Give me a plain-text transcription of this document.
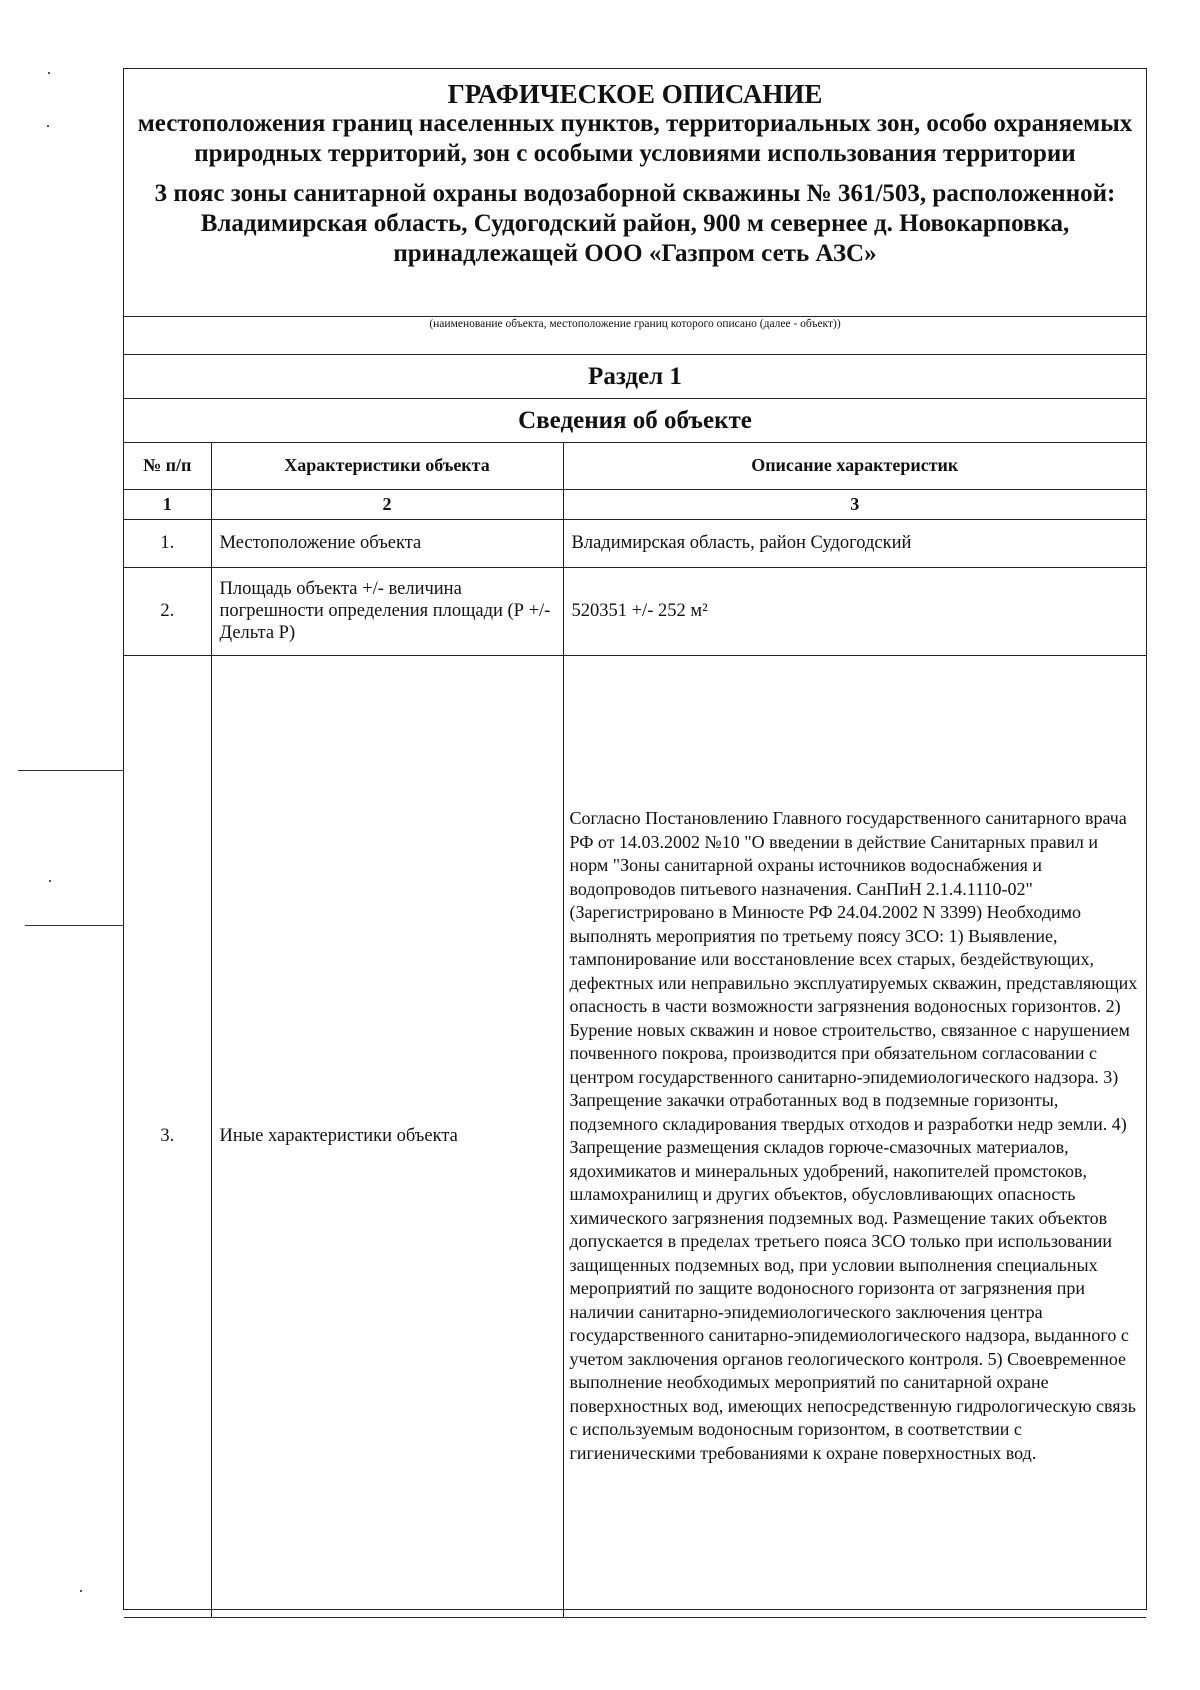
ГРАФИЧЕСКОЕ ОПИСАНИЕ
местоположения границ населенных пунктов, территориальных зон, особо охраняемых природных территорий, зон с особыми условиями использования территории
3 пояс зоны санитарной охраны водозаборной скважины № 361/503, расположенной: Владимирская область, Судогодский район, 900 м севернее д. Новокарповка, принадлежащей ООО «Газпром сеть АЗС»
(наименование объекта, местоположение границ которого описано (далее - объект))
Раздел 1
Сведения об объекте
№ п/п	Характеристики объекта	Описание характеристик
1	2	3
1.	Местоположение объекта	Владимирская область, район Судогодский
2.	Площадь объекта +/- величина погрешности определения площади (Р +/- Дельта Р)	520351 +/- 252 м²
3.	Иные характеристики объекта	Согласно Постановлению Главного государственного санитарного врача РФ от 14.03.2002 №10 "О введении в действие Санитарных правил и норм "Зоны санитарной охраны источников водоснабжения и водопроводов питьевого назначения. СанПиН 2.1.4.1110-02" (Зарегистрировано в Минюсте РФ 24.04.2002 N 3399) Необходимо выполнять мероприятия по третьему поясу ЗСО: 1) Выявление, тампонирование или восстановление всех старых, бездействующих, дефектных или неправильно эксплуатируемых скважин, представляющих опасность в части возможности загрязнения водоносных горизонтов. 2) Бурение новых скважин и новое строительство, связанное с нарушением почвенного покрова, производится при обязательном согласовании с центром государственного санитарно-эпидемиологического надзора. 3) Запрещение закачки отработанных вод в подземные горизонты, подземного складирования твердых отходов и разработки недр земли. 4) Запрещение размещения складов горюче-смазочных материалов, ядохимикатов и минеральных удобрений, накопителей промстоков, шламохранилищ и других объектов, обусловливающих опасность химического загрязнения подземных вод. Размещение таких объектов допускается в пределах третьего пояса ЗСО только при использовании защищенных подземных вод, при условии выполнения специальных мероприятий по защите водоносного горизонта от загрязнения при наличии санитарно-эпидемиологического заключения центра государственного санитарно-эпидемиологического надзора, выданного с учетом заключения органов геологического контроля. 5) Своевременное выполнение необходимых мероприятий по санитарной охране поверхностных вод, имеющих непосредственную гидрологическую связь с используемым водоносным горизонтом, в соответствии с гигиеническими требованиями к охране поверхностных вод.
